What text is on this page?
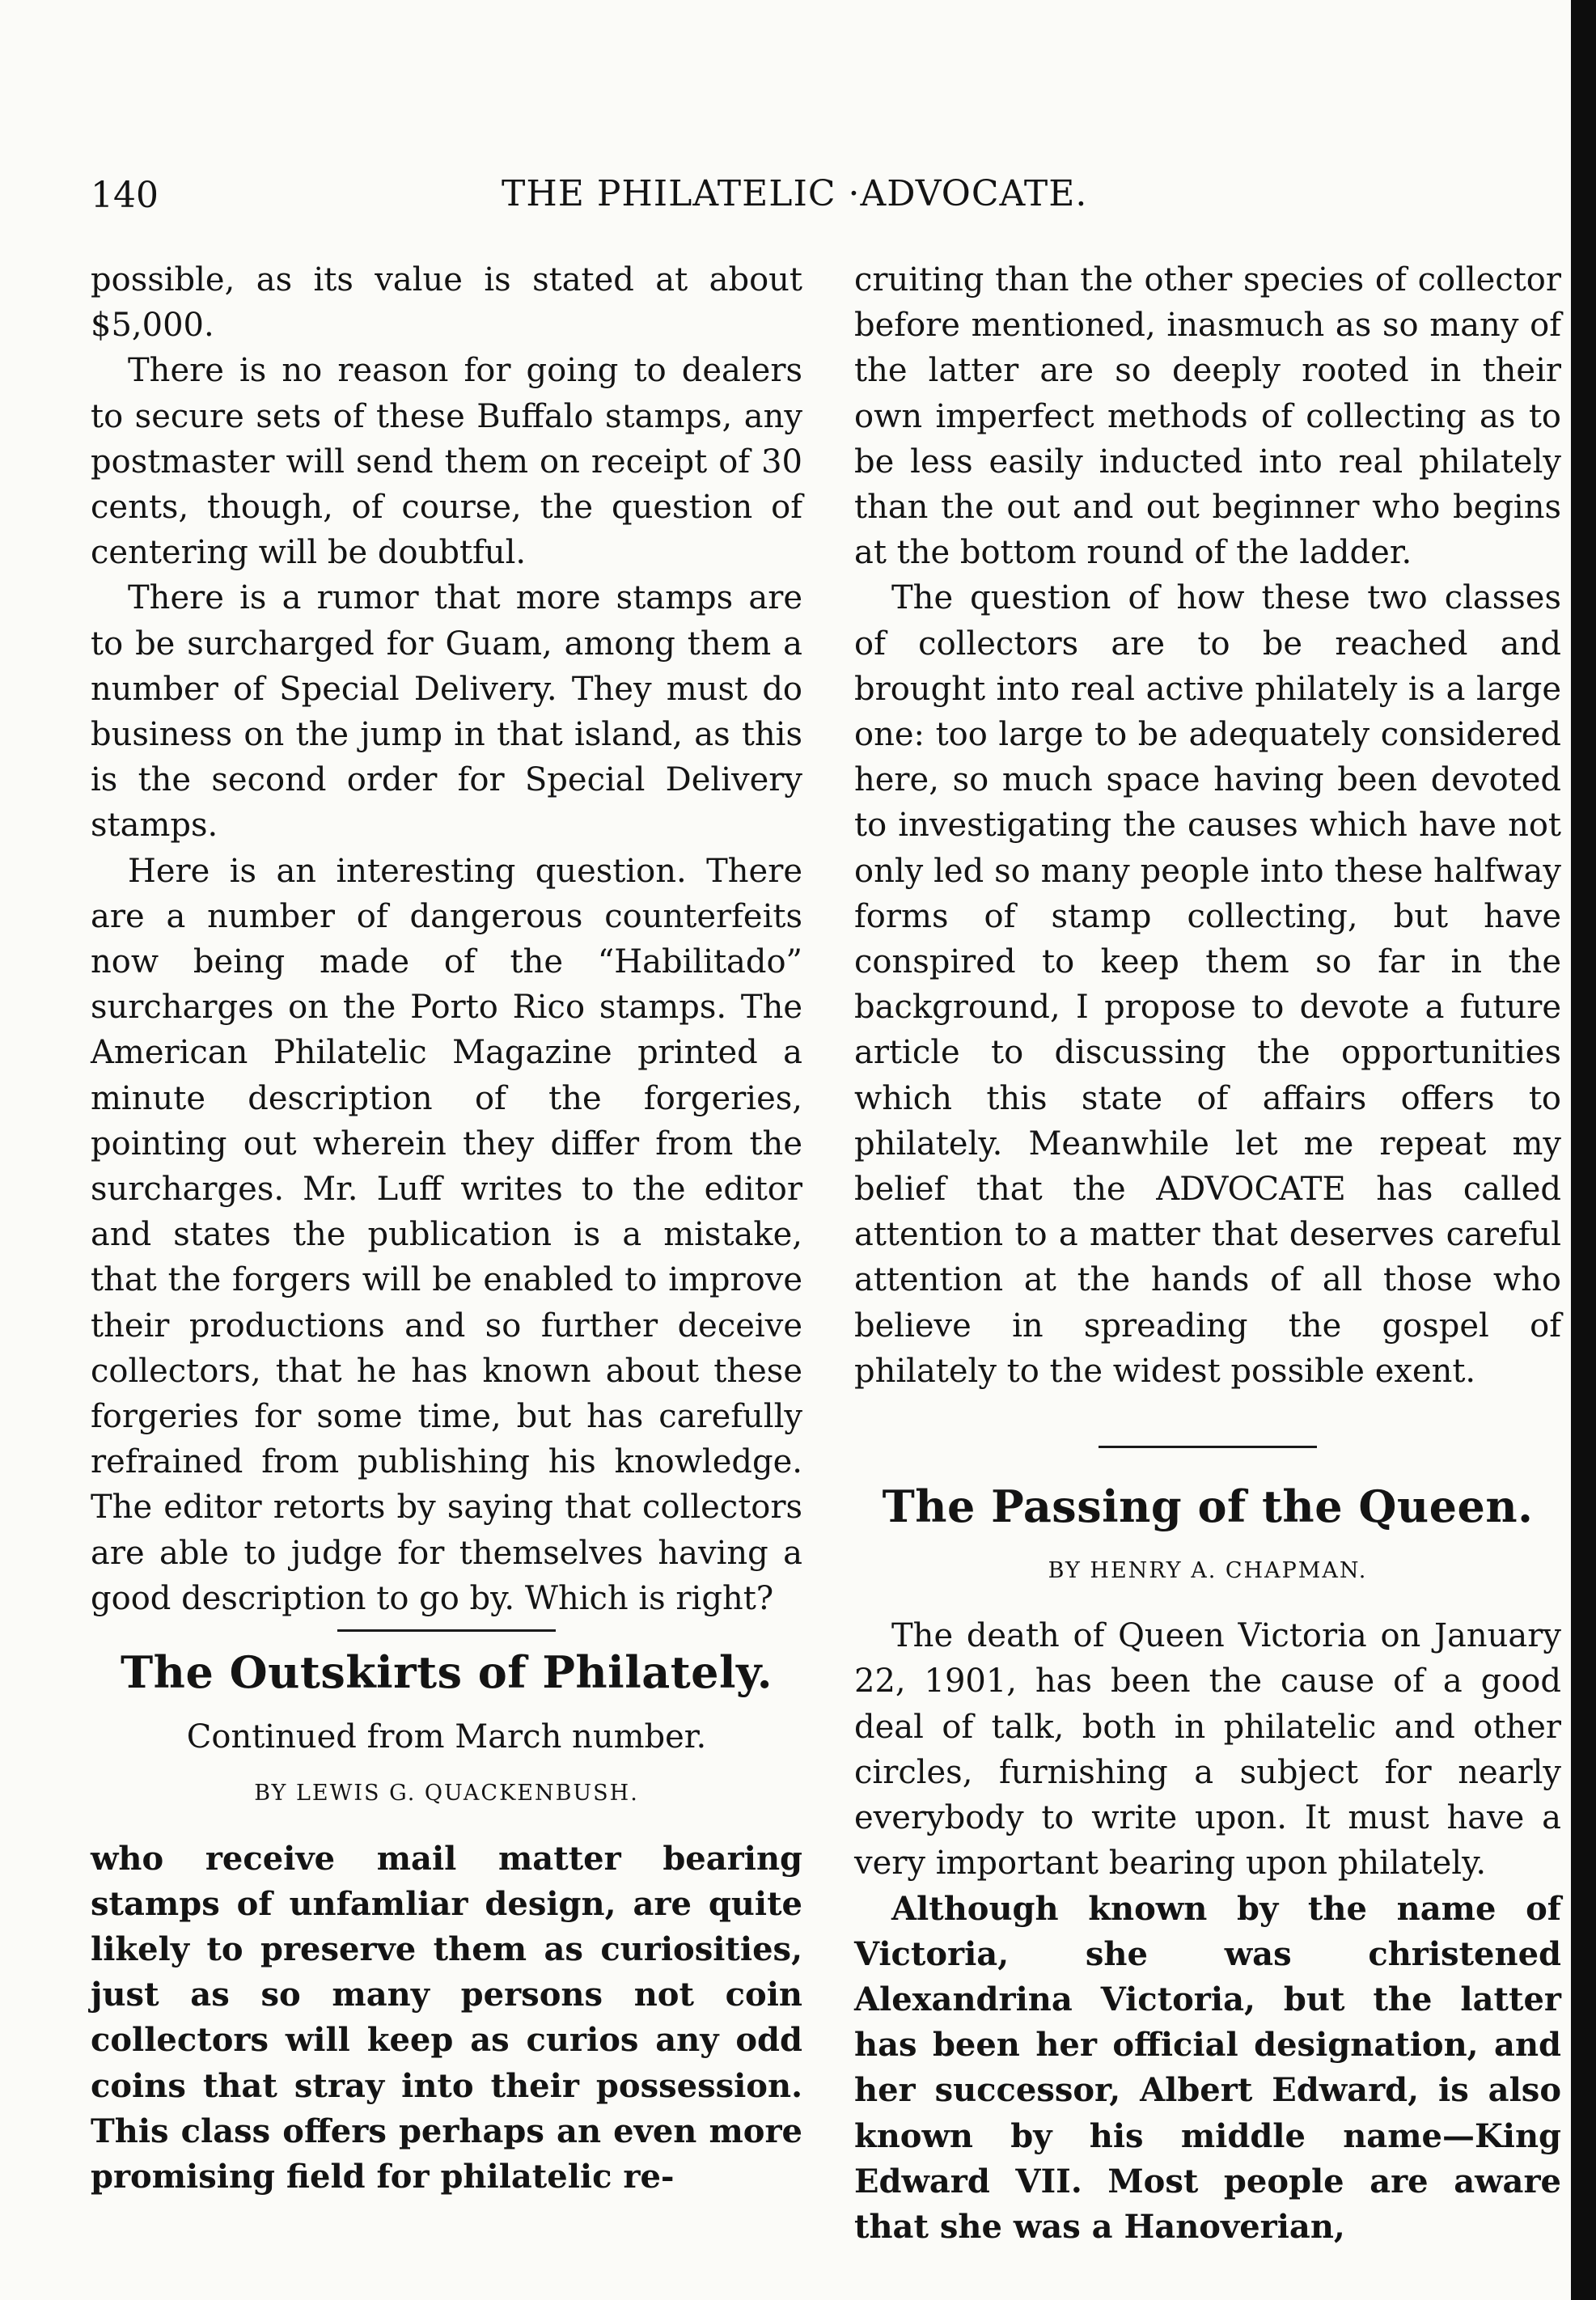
140	THE PHILATELIC ·ADVOCATE.

possible, as its value is stated at about $5,000.

There is no reason for going to dealers to secure sets of these Buffalo stamps, any postmaster will send them on receipt of 30 cents, though, of course, the question of centering will be doubtful.

There is a rumor that more stamps are to be surcharged for Guam, among them a number of Special Delivery. They must do business on the jump in that island, as this is the second order for Special Delivery stamps.

Here is an interesting question. There are a number of dangerous counterfeits now being made of the “Habilitado” surcharges on the Porto Rico stamps. The American Philatelic Magazine printed a minute description of the forgeries, pointing out wherein they differ from the surcharges. Mr. Luff writes to the editor and states the publication is a mistake, that the forgers will be enabled to improve their productions and so further deceive collectors, that he has known about these forgeries for some time, but has carefully refrained from publishing his knowledge. The editor retorts by saying that collectors are able to judge for themselves having a good description to go by. Which is right?

The Outskirts of Philately.
Continued from March number.
BY LEWIS G. QUACKENBUSH.

who receive mail matter bearing stamps of unfamliar design, are quite likely to preserve them as curiosities, just as so many persons not coin collectors will keep as curios any odd coins that stray into their possession. This class offers perhaps an even more promising field for philatelic re-

cruiting than the other species of collector before mentioned, inasmuch as so many of the latter are so deeply rooted in their own imperfect methods of collecting as to be less easily inducted into real philately than the out and out beginner who begins at the bottom round of the ladder.

The question of how these two classes of collectors are to be reached and brought into real active philately is a large one: too large to be adequately considered here, so much space having been devoted to investigating the causes which have not only led so many people into these halfway forms of stamp collecting, but have conspired to keep them so far in the background, I propose to devote a future article to discussing the opportunities which this state of affairs offers to philately. Meanwhile let me repeat my belief that the ADVOCATE has called attention to a matter that deserves careful attention at the hands of all those who believe in spreading the gospel of philately to the widest possible exent.

The Passing of the Queen.
BY HENRY A. CHAPMAN.

The death of Queen Victoria on January 22, 1901, has been the cause of a good deal of talk, both in philatelic and other circles, furnishing a subject for nearly everybody to write upon. It must have a very important bearing upon philately.

Although known by the name of Victoria, she was christened Alexandrina Victoria, but the latter has been her official designation, and her successor, Albert Edward, is also known by his middle name—King Edward VII. Most people are aware that she was a Hanoverian,
